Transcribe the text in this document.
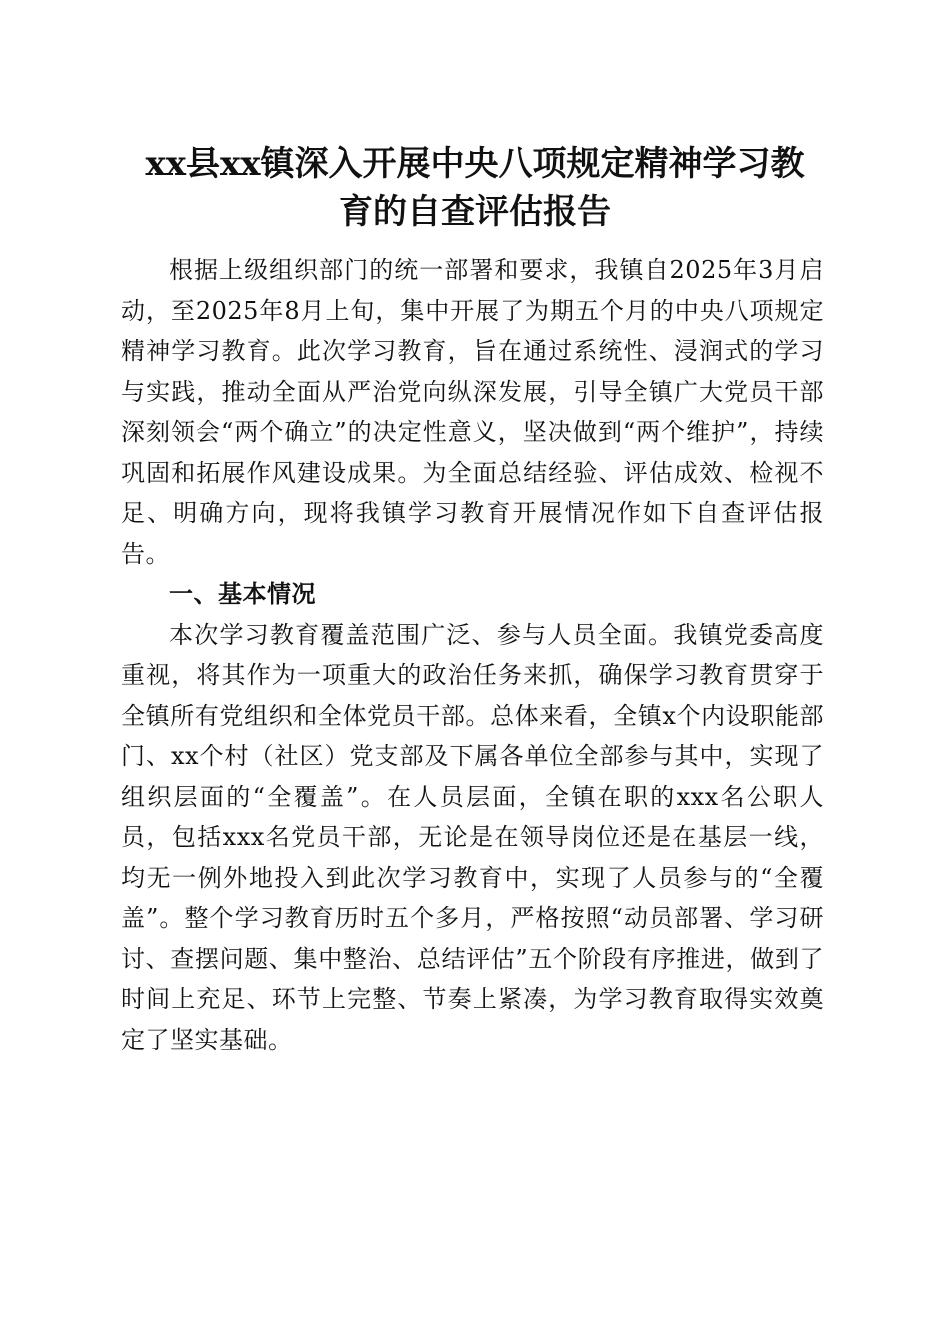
xx县xx镇深入开展中央八项规定精神学习教
育的自查评估报告

根据上级组织部门的统一部署和要求，我镇自2025年3月启动，至2025年8月上旬，集中开展了为期五个月的中央八项规定精神学习教育。此次学习教育，旨在通过系统性、浸润式的学习与实践，推动全面从严治党向纵深发展，引导全镇广大党员干部深刻领会“两个确立”的决定性意义，坚决做到“两个维护”，持续巩固和拓展作风建设成果。为全面总结经验、评估成效、检视不足、明确方向，现将我镇学习教育开展情况作如下自查评估报告。

一、基本情况

本次学习教育覆盖范围广泛、参与人员全面。我镇党委高度重视，将其作为一项重大的政治任务来抓，确保学习教育贯穿于全镇所有党组织和全体党员干部。总体来看，全镇x个内设职能部门、xx个村（社区）党支部及下属各单位全部参与其中，实现了组织层面的“全覆盖”。在人员层面，全镇在职的xxx名公职人员，包括xxx名党员干部，无论是在领导岗位还是在基层一线，均无一例外地投入到此次学习教育中，实现了人员参与的“全覆盖”。整个学习教育历时五个多月，严格按照“动员部署、学习研讨、查摆问题、集中整治、总结评估”五个阶段有序推进，做到了时间上充足、环节上完整、节奏上紧凑，为学习教育取得实效奠定了坚实基础。
